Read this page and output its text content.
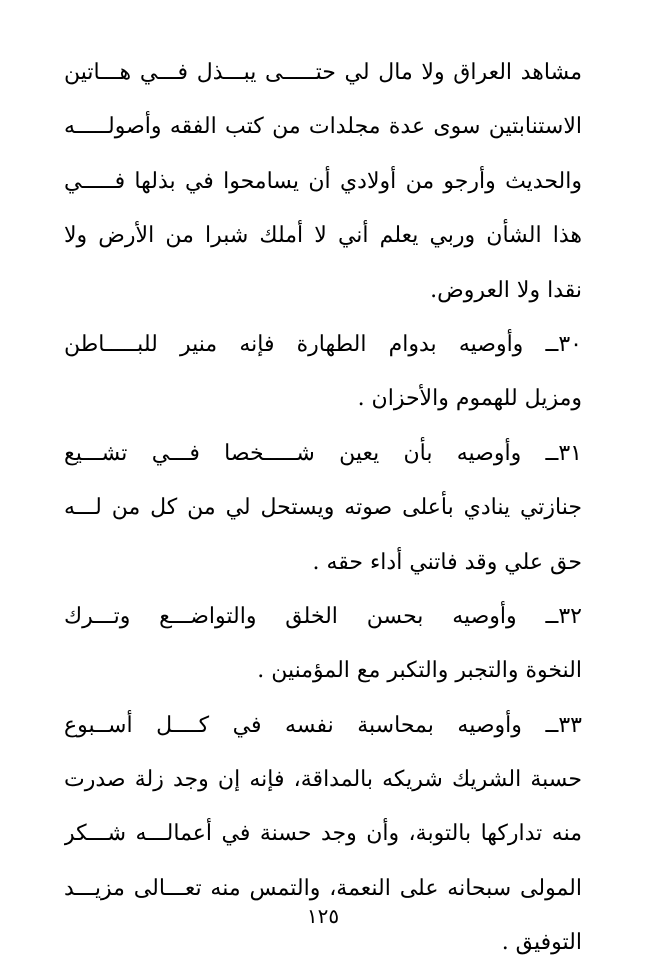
مشاهد العراق ولا مال لي حتـــــى يبـــذل فـــي هـــاتين
الاستنابتين سوى عدة مجلدات من كتب الفقه وأصولـــــه
والحديث وأرجو من أولادي أن يسامحوا في بذلها فـــــي
هذا الشأن وربي يعلم أني لا أملك شبرا من الأرض ولا
نقدا ولا العروض.
٣٠ــ وأوصيه بدوام الطهارة فإنه منير للبـــــاطن
ومزيل للهموم والأحزان .
٣١ــ وأوصيه بأن يعين شـــــخصا فـــي تشـــيع
جنازتي ينادي بأعلى صوته ويستحل لي من كل من لـــه
حق علي وقد فاتني أداء حقه .
٣٢ــ وأوصيه بحسن الخلق والتواضـــع وتـــرك
النخوة والتجبر والتكبر مع المؤمنين .
٣٣ــ وأوصيه بمحاسبة نفسه في كــــل أســبوع
حسبة الشريك شريكه بالمداقة، فإنه إن وجد زلة صدرت
منه تداركها بالتوبة، وأن وجد حسنة في أعمالـــه شـــكر
المولى سبحانه على النعمة، والتمس منه تعـــالى مزيـــد
التوفيق .
١٢٥
